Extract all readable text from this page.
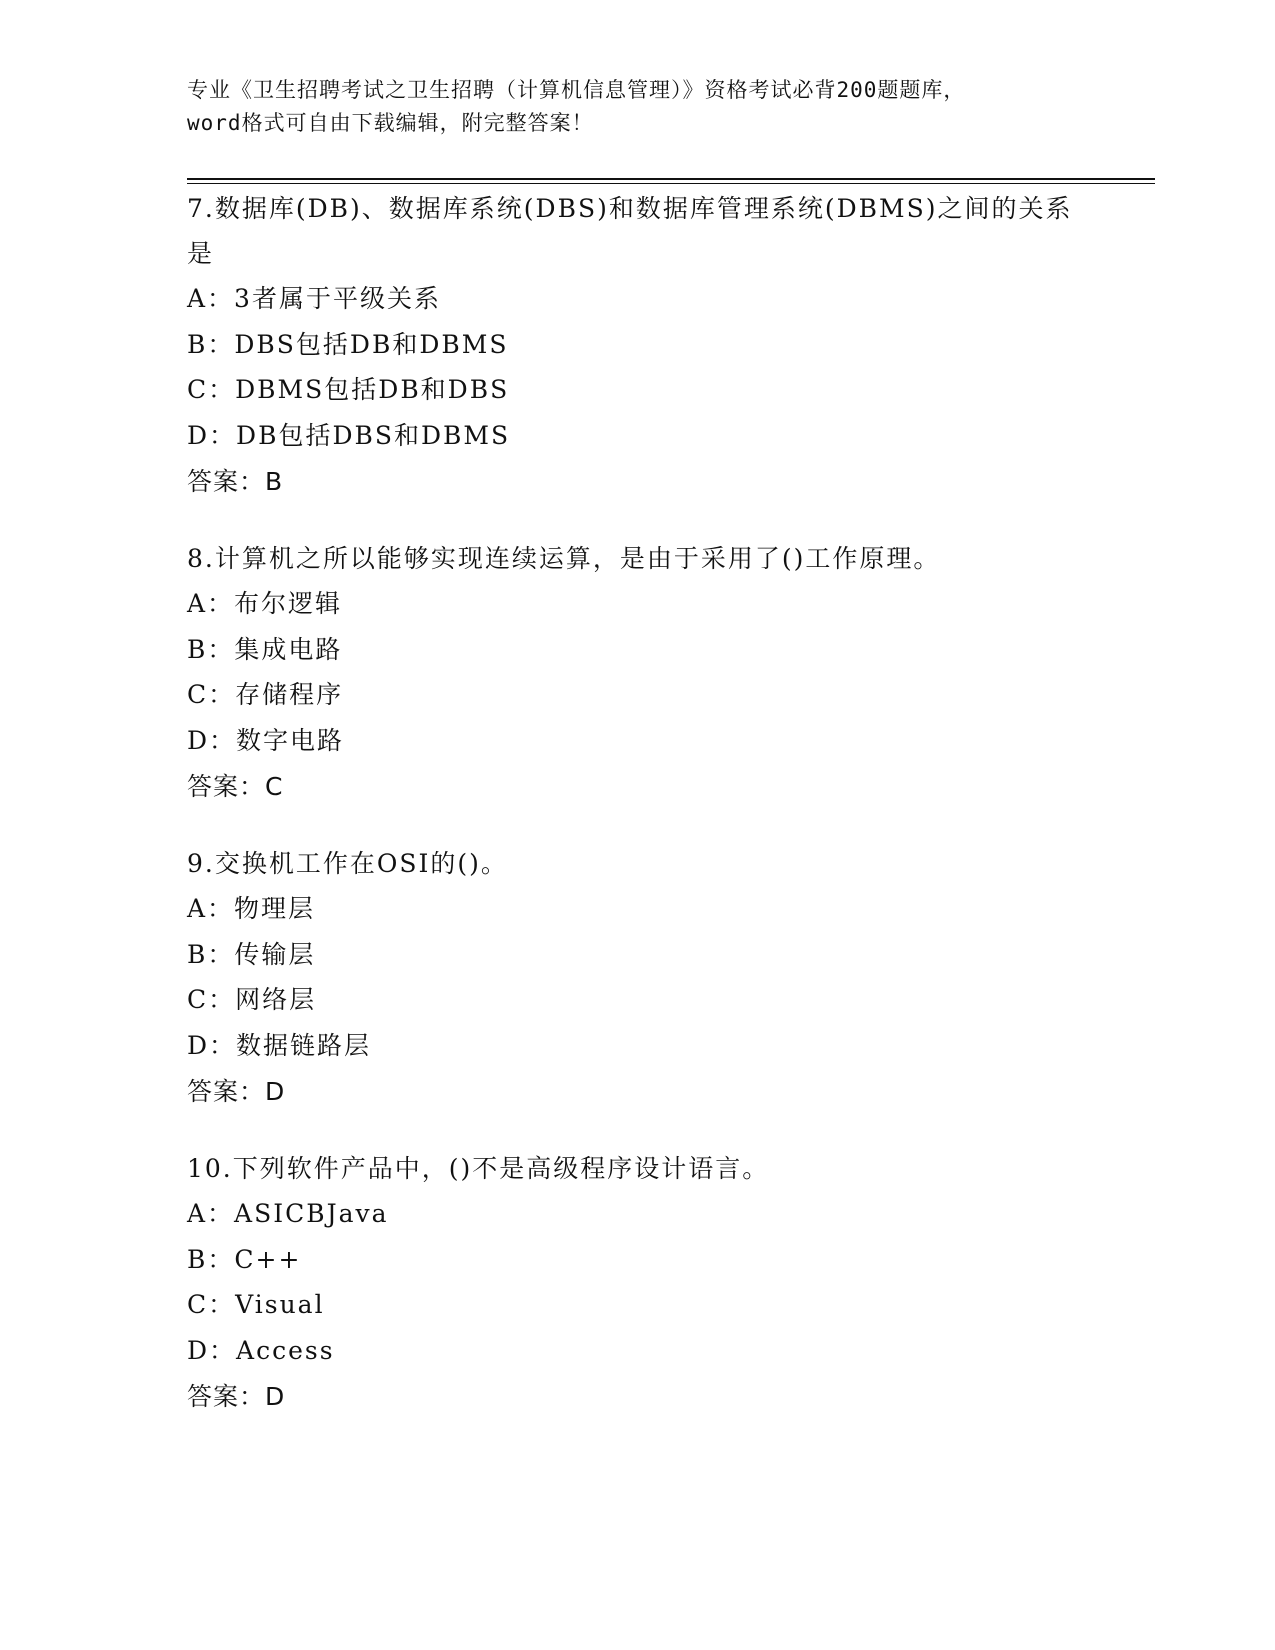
专业《卫生招聘考试之卫生招聘（计算机信息管理）》资格考试必背200题题库，
word格式可自由下载编辑，附完整答案！
7.数据库(DB)、数据库系统(DBS)和数据库管理系统(DBMS)之间的关系是
A：3者属于平级关系
B：DBS包括DB和DBMS
C：DBMS包括DB和DBS
D：DB包括DBS和DBMS
答案：B
8.计算机之所以能够实现连续运算，是由于采用了()工作原理。
A：布尔逻辑
B：集成电路
C：存储程序
D：数字电路
答案：C
9.交换机工作在OSI的()。
A：物理层
B：传输层
C：网络层
D：数据链路层
答案：D
10.下列软件产品中，()不是高级程序设计语言。
A：ASICBJava
B：C++
C：Visual
D：Access
答案：D
